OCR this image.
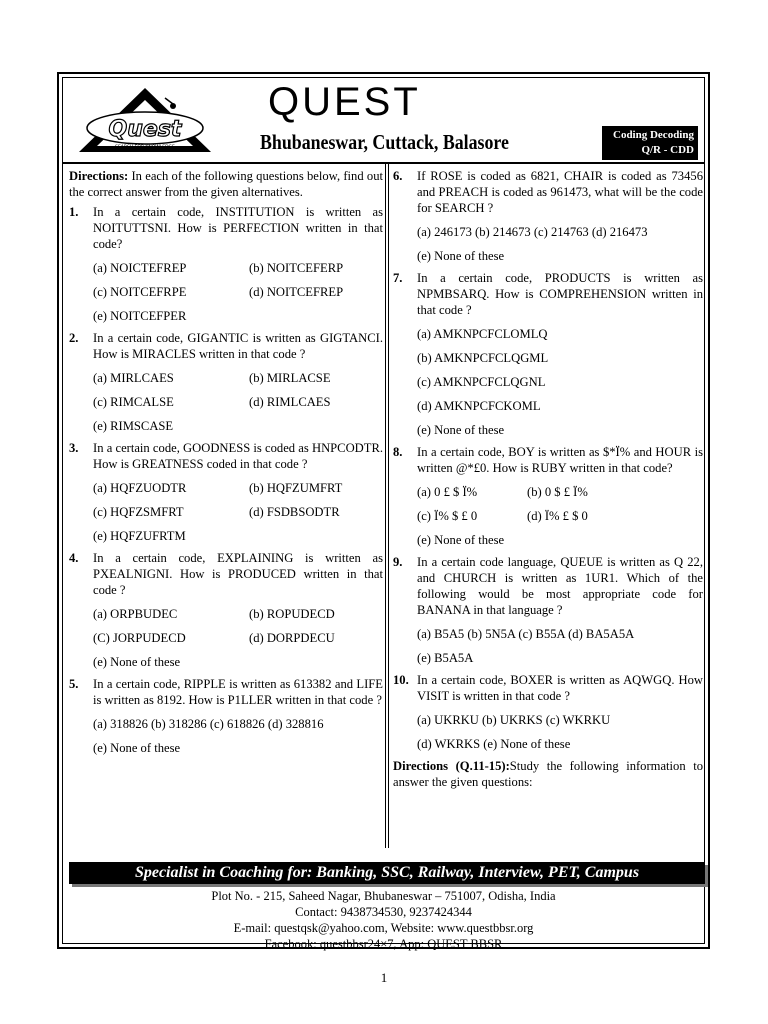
Quest
SEARCH FOR KNOWLEDGE
QUEST
Bhubaneswar, Cuttack, Balasore	Coding Decoding
Q/R - CDD
Directions: In each of the following questions below, find out the correct answer from the given alternatives.
1. In a certain code, INSTITUTION is written as NOITUTTSNI. How is PERFECTION written in that code?
(a) NOICTEFREP	(b) NOITCEFERP
(c) NOITCEFRPE	(d) NOITCEFREP
(e) NOITCEFPER
2. In a certain code, GIGANTIC is written as GIGTANCI. How is MIRACLES written in that code ?
(a) MIRLCAES	(b) MIRLACSE
(c) RIMCALSE	(d) RIMLCAES
(e) RIMSCASE
3. In a certain code, GOODNESS is coded as HNPCODTR. How is GREATNESS coded in that code ?
(a) HQFZUODTR	(b) HQFZUMFRT
(c) HQFZSMFRT	(d) FSDBSODTR
(e) HQFZUFRTM
4. In a certain code, EXPLAINING is written as PXEALNIGNI. How is PRODUCED written in that code ?
(a) ORPBUDEC	(b) ROPUDECD
(C) JORPUDECD	(d) DORPDECU
(e) None of these
5. In a certain code, RIPPLE is written as 613382 and LIFE is written as 8192. How is P1LLER written in that code ?
(a) 318826 (b) 318286 (c) 618826 (d) 328816
(e) None of these
6. If ROSE is coded as 6821, CHAIR is coded as 73456 and PREACH is coded as 961473, what will be the code for SEARCH ?
(a) 246173 (b) 214673 (c) 214763 (d) 216473
(e) None of these
7. In a certain code, PRODUCTS is written as NPMBSARQ. How is COMPREHENSION written in that code ?
(a) AMKNPCFCLOMLQ
(b) AMKNPCFCLQGML
(c) AMKNPCFCLQGNL
(d) AMKNPCFCKOML
(e) None of these
8. In a certain code, BOY is written as $*Ï% and HOUR is written @*£0. How is RUBY written in that code?
(a) 0 £ $ Ï%	(b) 0 $ £ Ï%
(c) Ï% $ £ 0	(d) Ï% £ $ 0
(e) None of these
9. In a certain code language, QUEUE is written as Q 22, and CHURCH is written as 1UR1. Which of the following would be most appropriate code for BANANA in that language ?
(a) B5A5 (b) 5N5A (c) B55A (d) BA5A5A
(e) B5A5A
10. In a certain code, BOXER is written as AQWGQ. How VISIT is written in that code ?
(a) UKRKU (b) UKRKS (c) WKRKU
(d) WKRKS (e) None of these
Directions (Q.11-15):Study the following information to answer the given questions:
Specialist in Coaching for: Banking, SSC, Railway, Interview, PET, Campus
Plot No. - 215, Saheed Nagar, Bhubaneswar – 751007, Odisha, India
Contact: 9438734530, 9237424344
E-mail: questqsk@yahoo.com, Website: www.questbbsr.org
Facebook: questbbsr24×7, App: QUEST BBSR
1
